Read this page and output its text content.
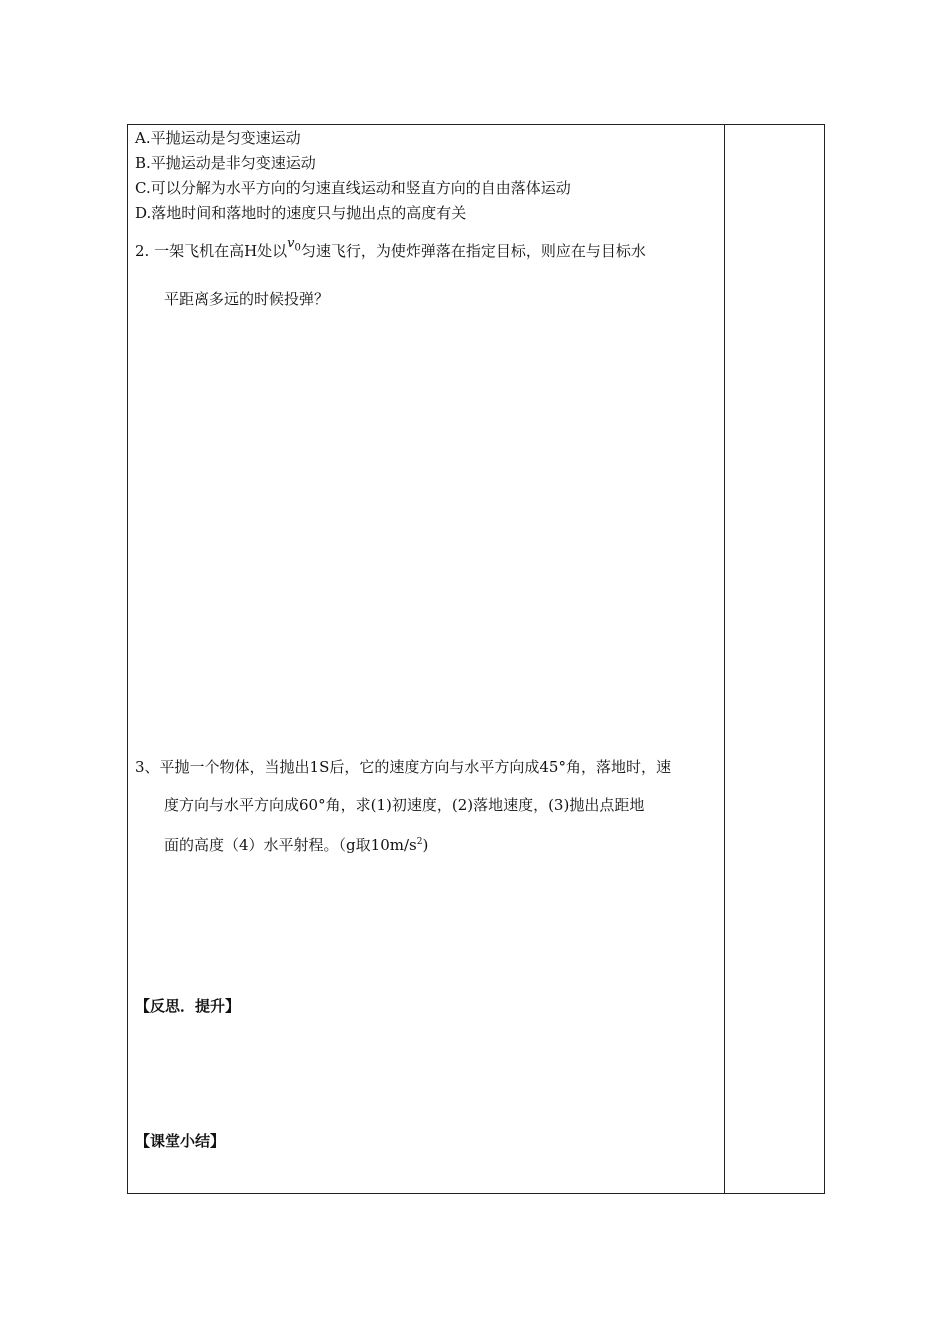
A.平抛运动是匀变速运动
B.平抛运动是非匀变速运动
C.可以分解为水平方向的匀速直线运动和竖直方向的自由落体运动
D.落地时间和落地时的速度只与抛出点的高度有关
2. 一架飞机在高H处以$v_0$匀速飞行，为使炸弹落在指定目标，则应在与目标水
平距离多远的时候投弹？
3、平抛一个物体，当抛出1S后，它的速度方向与水平方向成45°角，落地时，速
度方向与水平方向成60°角，求(1)初速度，(2)落地速度，(3)抛出点距地
面的高度（4）水平射程。（g取$10m/s^2$)
【反思．提升】
【课堂小结】
